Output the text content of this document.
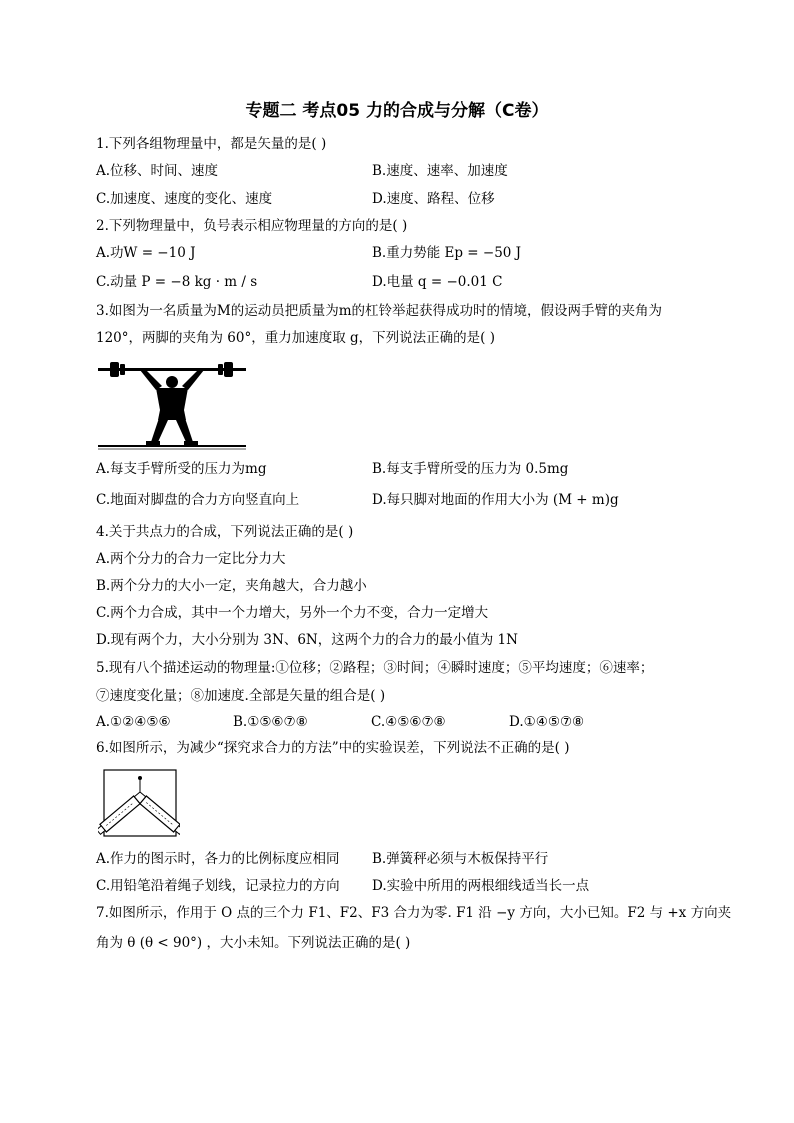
专题二 考点05 力的合成与分解（C卷）
1.下列各组物理量中，都是矢量的是( )
A.位移、时间、速度	B.速度、速率、加速度
C.加速度、速度的变化、速度	D.速度、路程、位移
2.下列物理量中，负号表示相应物理量的方向的是( )
A.功W = −10 J	B.重力势能 Ep = −50 J
C.动量 P = −8 kg · m / s	D.电量 q = −0.01 C
3.如图为一名质量为M的运动员把质量为m的杠铃举起获得成功时的情境，假设两手臂的夹角为
120°，两脚的夹角为 60°，重力加速度取 g，下列说法正确的是( )
A.每支手臂所受的压力为mg	B.每支手臂所受的压力为 0.5mg
C.地面对脚盘的合力方向竖直向上	D.每只脚对地面的作用大小为 (M + m)g
4.关于共点力的合成，下列说法正确的是( )
A.两个分力的合力一定比分力大
B.两个分力的大小一定，夹角越大，合力越小
C.两个力合成，其中一个力增大，另外一个力不变，合力一定增大
D.现有两个力，大小分别为 3N、6N，这两个力的合力的最小值为 1N
5.现有八个描述运动的物理量:①位移；②路程；③时间；④瞬时速度；⑤平均速度；⑥速率；
⑦速度变化量；⑧加速度.全部是矢量的组合是( )
A.①②④⑤⑥	B.①⑤⑥⑦⑧	C.④⑤⑥⑦⑧	D.①④⑤⑦⑧
6.如图所示，为减少“探究求合力的方法”中的实验误差，下列说法不正确的是( )
A.作力的图示时，各力的比例标度应相同 B.弹簧秤必须与木板保持平行
C.用铅笔沿着绳子划线，记录拉力的方向 D.实验中所用的两根细线适当长一点
7.如图所示，作用于 O 点的三个力 F1、F2、F3 合力为零. F1 沿 −y 方向，大小已知。F2 与 +x 方向夹
角为 θ (θ < 90°) ，大小未知。下列说法正确的是( )
